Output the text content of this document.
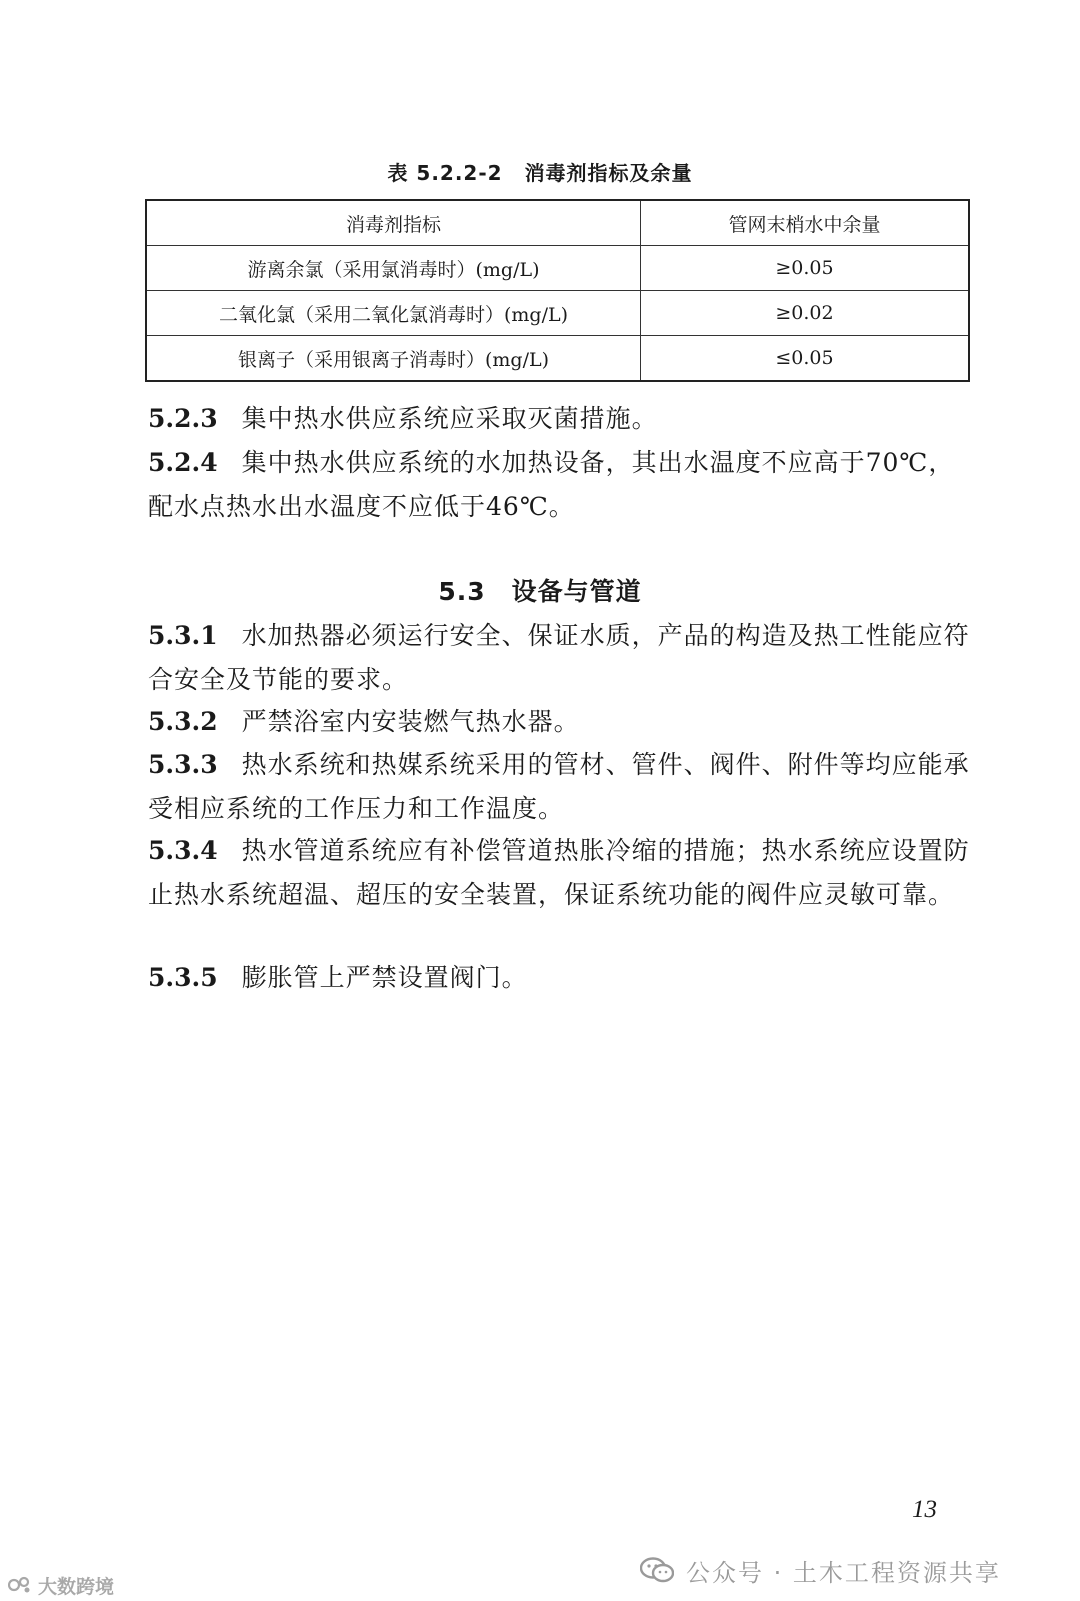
表 5.2.2-2 消毒剂指标及余量
消毒剂指标	管网末梢水中余量
游离余氯（采用氯消毒时）(mg/L)	≥0.05
二氧化氯（采用二氧化氯消毒时）(mg/L)	≥0.02
银离子（采用银离子消毒时）(mg/L)	≤0.05
5.2.3 集中热水供应系统应采取灭菌措施。
5.2.4 集中热水供应系统的水加热设备，其出水温度不应高于70℃，配水点热水出水温度不应低于46℃。
5.3 设备与管道
5.3.1 水加热器必须运行安全、保证水质，产品的构造及热工性能应符合安全及节能的要求。
5.3.2 严禁浴室内安装燃气热水器。
5.3.3 热水系统和热媒系统采用的管材、管件、阀件、附件等均应能承受相应系统的工作压力和工作温度。
5.3.4 热水管道系统应有补偿管道热胀冷缩的措施；热水系统应设置防止热水系统超温、超压的安全装置，保证系统功能的阀件应灵敏可靠。
5.3.5 膨胀管上严禁设置阀门。
13
公众号 · 土木工程资源共享
大数跨境
